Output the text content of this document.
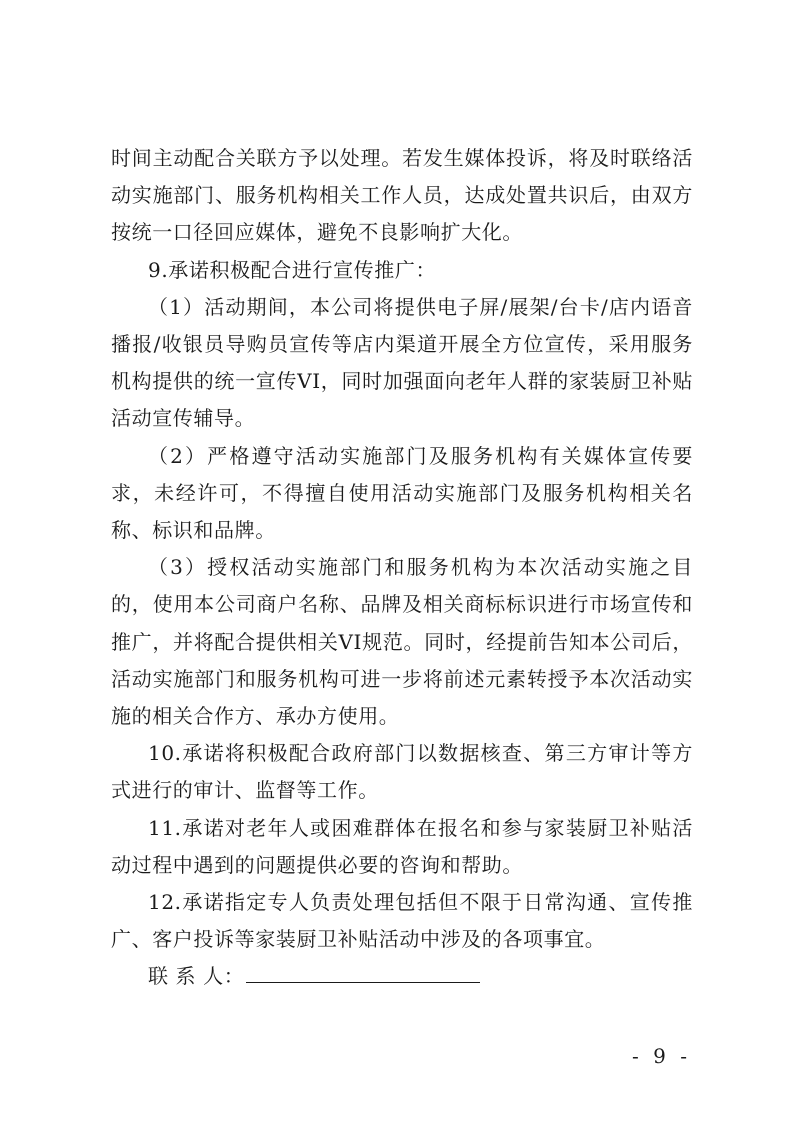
时间主动配合关联方予以处理。若发生媒体投诉，将及时联络活动实施部门、服务机构相关工作人员，达成处置共识后，由双方按统一口径回应媒体，避免不良影响扩大化。

9.承诺积极配合进行宣传推广：

（1）活动期间，本公司将提供电子屏/展架/台卡/店内语音播报/收银员导购员宣传等店内渠道开展全方位宣传，采用服务机构提供的统一宣传VI，同时加强面向老年人群的家装厨卫补贴活动宣传辅导。

（2）严格遵守活动实施部门及服务机构有关媒体宣传要求，未经许可，不得擅自使用活动实施部门及服务机构相关名称、标识和品牌。

（3）授权活动实施部门和服务机构为本次活动实施之目的，使用本公司商户名称、品牌及相关商标标识进行市场宣传和推广，并将配合提供相关VI规范。同时，经提前告知本公司后，活动实施部门和服务机构可进一步将前述元素转授予本次活动实施的相关合作方、承办方使用。

10.承诺将积极配合政府部门以数据核查、第三方审计等方式进行的审计、监督等工作。

11.承诺对老年人或困难群体在报名和参与家装厨卫补贴活动过程中遇到的问题提供必要的咨询和帮助。

12.承诺指定专人负责处理包括但不限于日常沟通、宣传推广、客户投诉等家装厨卫补贴活动中涉及的各项事宜。

联 系 人：
- 9 -
